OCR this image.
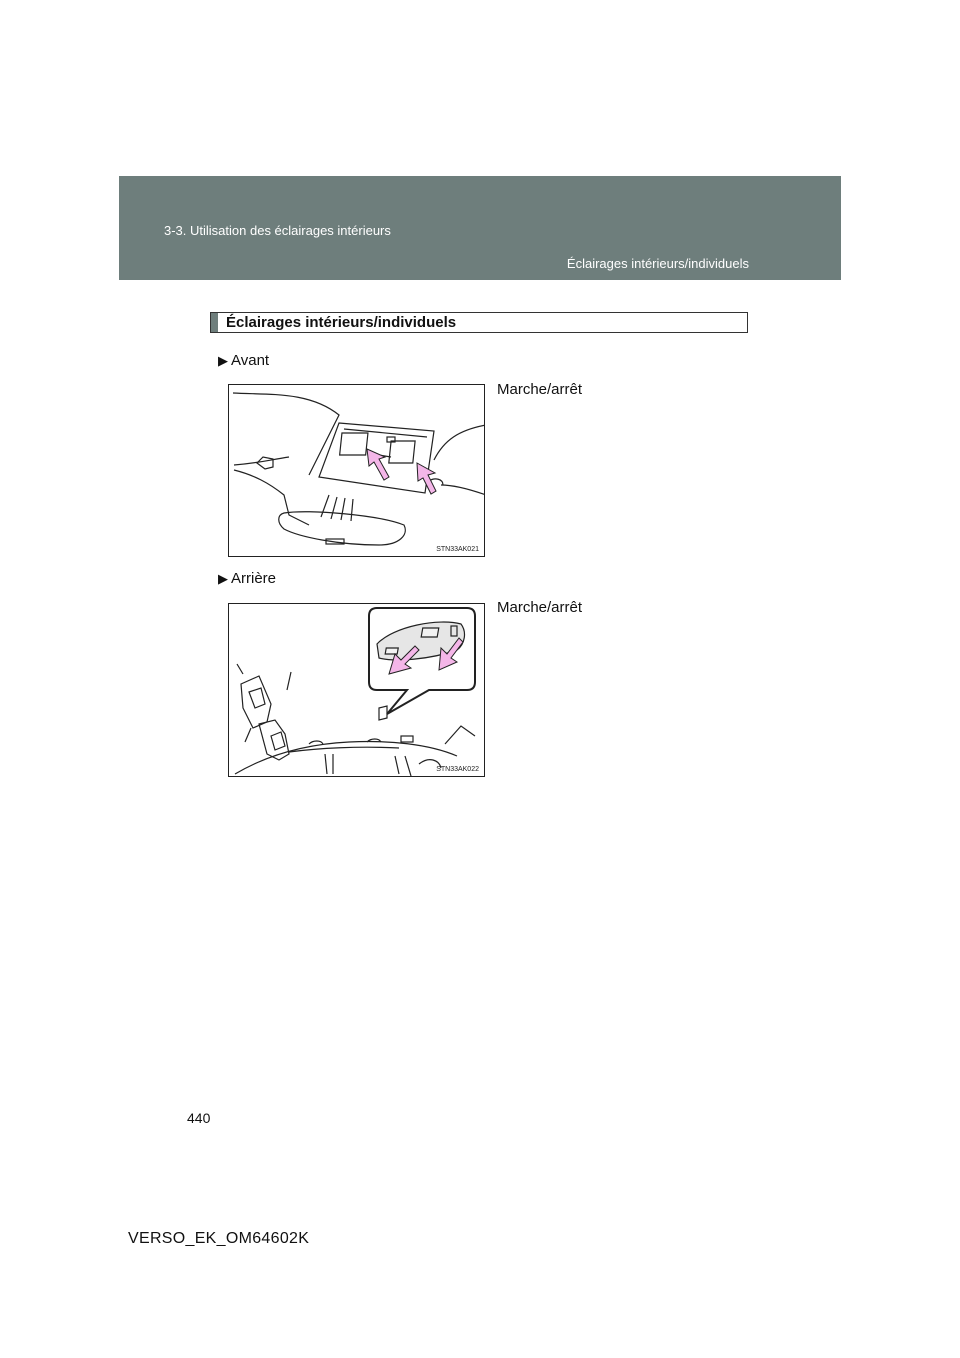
3-3. Utilisation des éclairages intérieurs
Éclairages intérieurs/individuels
Éclairages intérieurs/individuels
▶ Avant
Marche/arrêt
STN33AK021
▶ Arrière
Marche/arrêt
STN33AK022
440
VERSO_EK_OM64602K
